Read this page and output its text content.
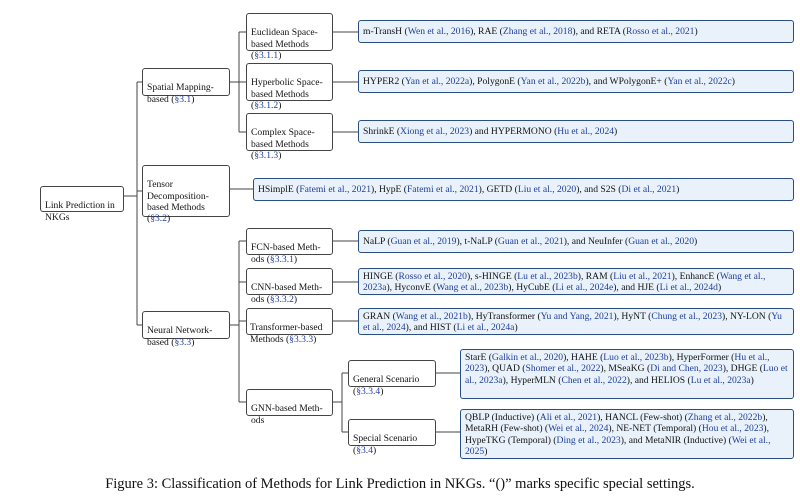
Link Prediction in
NKGs

Spatial Mapping-
based (§3.1)

Tensor
Decomposition-
based Methods
(§3.2)

Neural Network-
based (§3.3)

Euclidean Space-
based Methods
(§3.1.1)

Hyperbolic Space-
based Methods
(§3.1.2)

Complex Space-
based Methods
(§3.1.3)

FCN-based Meth-
ods (§3.3.1)

CNN-based Meth-
ods (§3.3.2)

Transformer-based
Methods (§3.3.3)

GNN-based Meth-
ods

General Scenario
(§3.3.4)

Special Scenario
(§3.4)

m-TransH (Wen et al., 2016), RAE (Zhang et al., 2018), and RETA (Rosso et al., 2021)
HYPER2 (Yan et al., 2022a), PolygonE (Yan et al., 2022b), and WPolygonE+ (Yan et al., 2022c)
ShrinkE (Xiong et al., 2023) and HYPERMONO (Hu et al., 2024)
HSimplE (Fatemi et al., 2021), HypE (Fatemi et al., 2021), GETD (Liu et al., 2020), and S2S (Di et al., 2021)
NaLP (Guan et al., 2019), t-NaLP (Guan et al., 2021), and NeuInfer (Guan et al., 2020)
HINGE (Rosso et al., 2020), s-HINGE (Lu et al., 2023b), RAM (Liu et al., 2021), EnhancE (Wang et al., 2023a), HyconvE (Wang et al., 2023b), HyCubE (Li et al., 2024e), and HJE (Li et al., 2024d)
GRAN (Wang et al., 2021b), HyTransformer (Yu and Yang, 2021), HyNT (Chung et al., 2023), NY-LON (Yu et al., 2024), and HIST (Li et al., 2024a)
StarE (Galkin et al., 2020), HAHE (Luo et al., 2023b), HyperFormer (Hu et al., 2023), QUAD (Shomer et al., 2022), MSeaKG (Di and Chen, 2023), DHGE (Luo et al., 2023a), HyperMLN (Chen et al., 2022), and HELIOS (Lu et al., 2023a)
QBLP (Inductive) (Ali et al., 2021), HANCL (Few-shot) (Zhang et al., 2022b), MetaRH (Few-shot) (Wei et al., 2024), NE-NET (Temporal) (Hou et al., 2023), HypeTKG (Temporal) (Ding et al., 2023), and MetaNIR (Inductive) (Wei et al., 2025)
Figure 3: Classification of Methods for Link Prediction in NKGs. “()” marks specific special settings.
